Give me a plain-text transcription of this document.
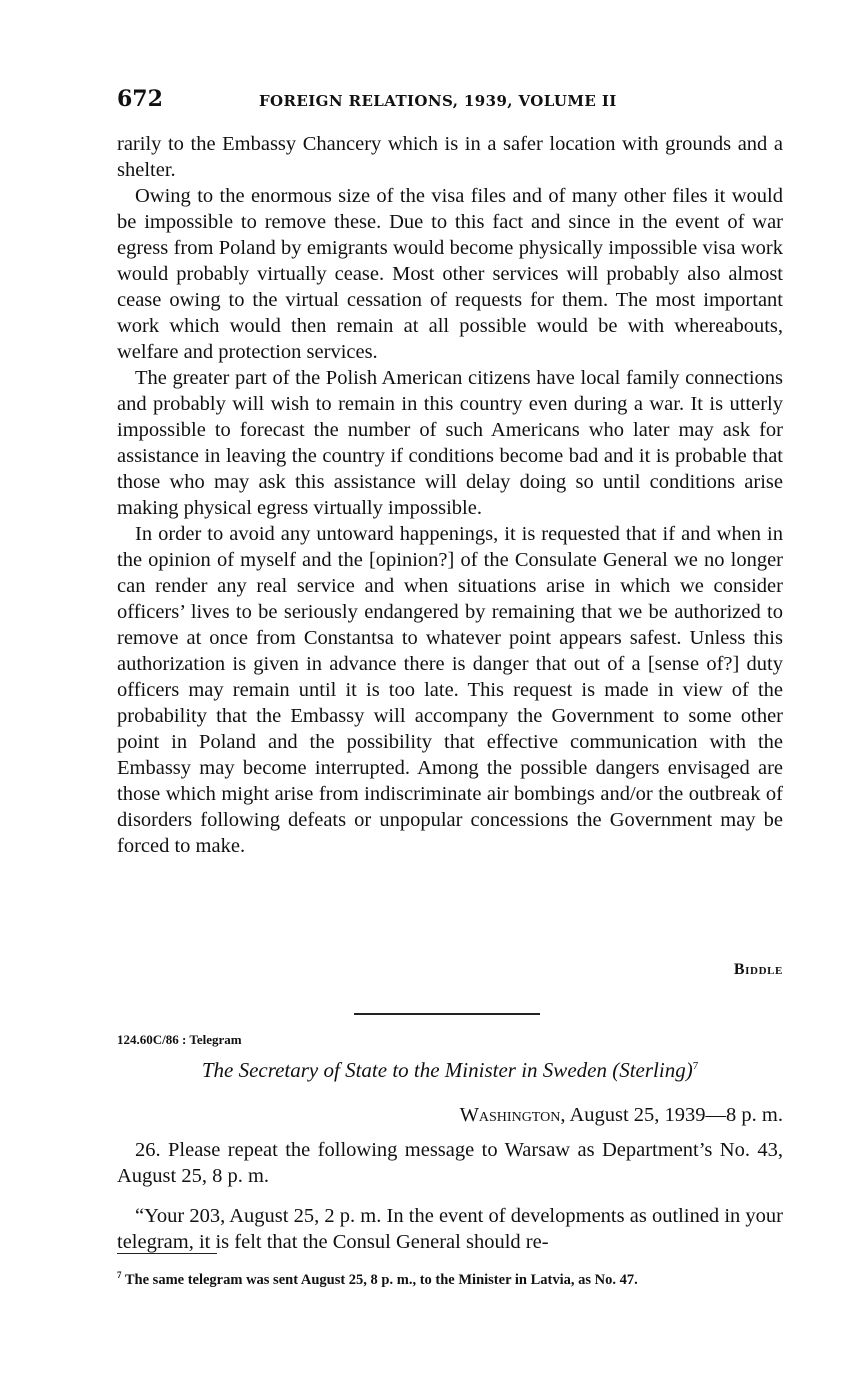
672	FOREIGN RELATIONS, 1939, VOLUME II

rarily to the Embassy Chancery which is in a safer location with grounds and a shelter.

Owing to the enormous size of the visa files and of many other files it would be impossible to remove these. Due to this fact and since in the event of war egress from Poland by emigrants would become physically impossible visa work would probably virtually cease. Most other services will probably also almost cease owing to the virtual cessation of requests for them. The most important work which would then remain at all possible would be with whereabouts, welfare and protection services.

The greater part of the Polish American citizens have local family connections and probably will wish to remain in this country even during a war. It is utterly impossible to forecast the number of such Americans who later may ask for assistance in leaving the country if conditions become bad and it is probable that those who may ask this assistance will delay doing so until conditions arise making physical egress virtually impossible.

In order to avoid any untoward happenings, it is requested that if and when in the opinion of myself and the [opinion?] of the Consulate General we no longer can render any real service and when situations arise in which we consider officers’ lives to be seriously endangered by remaining that we be authorized to remove at once from Constantsa to whatever point appears safest. Unless this authorization is given in advance there is danger that out of a [sense of?] duty officers may remain until it is too late. This request is made in view of the probability that the Embassy will accompany the Government to some other point in Poland and the possibility that effective communication with the Embassy may become interrupted. Among the possible dangers envisaged are those which might arise from indiscriminate air bombings and/or the outbreak of disorders following defeats or unpopular concessions the Government may be forced to make.

Biddle
124.60C/86 : Telegram
The Secretary of State to the Minister in Sweden (Sterling)$^7$
Washington, August 25, 1939—8 p. m.

26. Please repeat the following message to Warsaw as Department’s No. 43, August 25, 8 p. m.

“Your 203, August 25, 2 p. m. In the event of developments as outlined in your telegram, it is felt that the Consul General should re-

$^7$ The same telegram was sent August 25, 8 p. m., to the Minister in Latvia, as No. 47.
